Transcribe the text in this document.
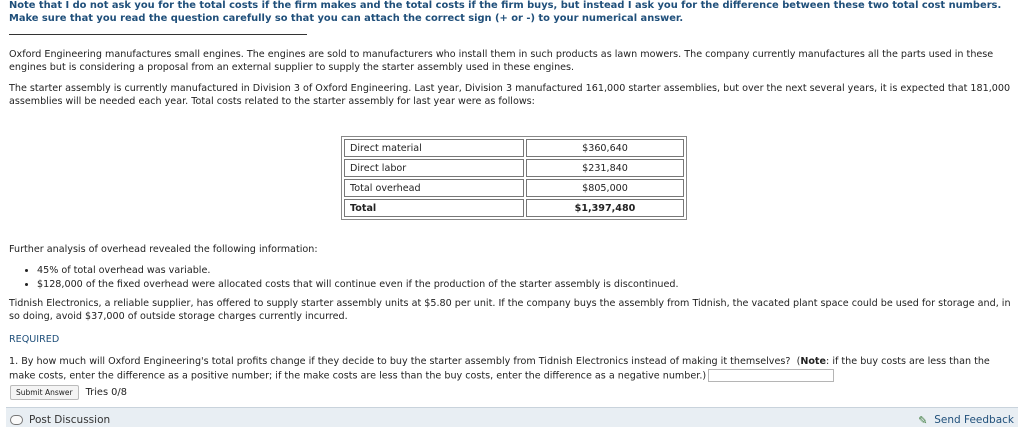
Note that I do not ask you for the total costs if the firm makes and the total costs if the firm buys, but instead I ask you for the difference between these two total cost numbers.
Make sure that you read the question carefully so that you can attach the correct sign (+ or -) to your numerical answer.
Oxford Engineering manufactures small engines. The engines are sold to manufacturers who install them in such products as lawn mowers. The company currently manufactures all the parts used in these engines but is considering a proposal from an external supplier to supply the starter assembly used in these engines.
The starter assembly is currently manufactured in Division 3 of Oxford Engineering. Last year, Division 3 manufactured 161,000 starter assemblies, but over the next several years, it is expected that 181,000 assemblies will be needed each year. Total costs related to the starter assembly for last year were as follows:
Direct material	$360,640
Direct labor	$231,840
Total overhead	$805,000
Total	$1,397,480
Further analysis of overhead revealed the following information:
• 45% of total overhead was variable.
• $128,000 of the fixed overhead were allocated costs that will continue even if the production of the starter assembly is discontinued.
Tidnish Electronics, a reliable supplier, has offered to supply starter assembly units at $5.80 per unit. If the company buys the assembly from Tidnish, the vacated plant space could be used for storage and, in so doing, avoid $37,000 of outside storage charges currently incurred.
REQUIRED
1. By how much will Oxford Engineering's total profits change if they decide to buy the starter assembly from Tidnish Electronics instead of making it themselves?  (Note: if the buy costs are less than the make costs, enter the difference as a positive number; if the make costs are less than the buy costs, enter the difference as a negative number.)
Submit Answer	Tries 0/8
Post Discussion	✎ Send Feedback
